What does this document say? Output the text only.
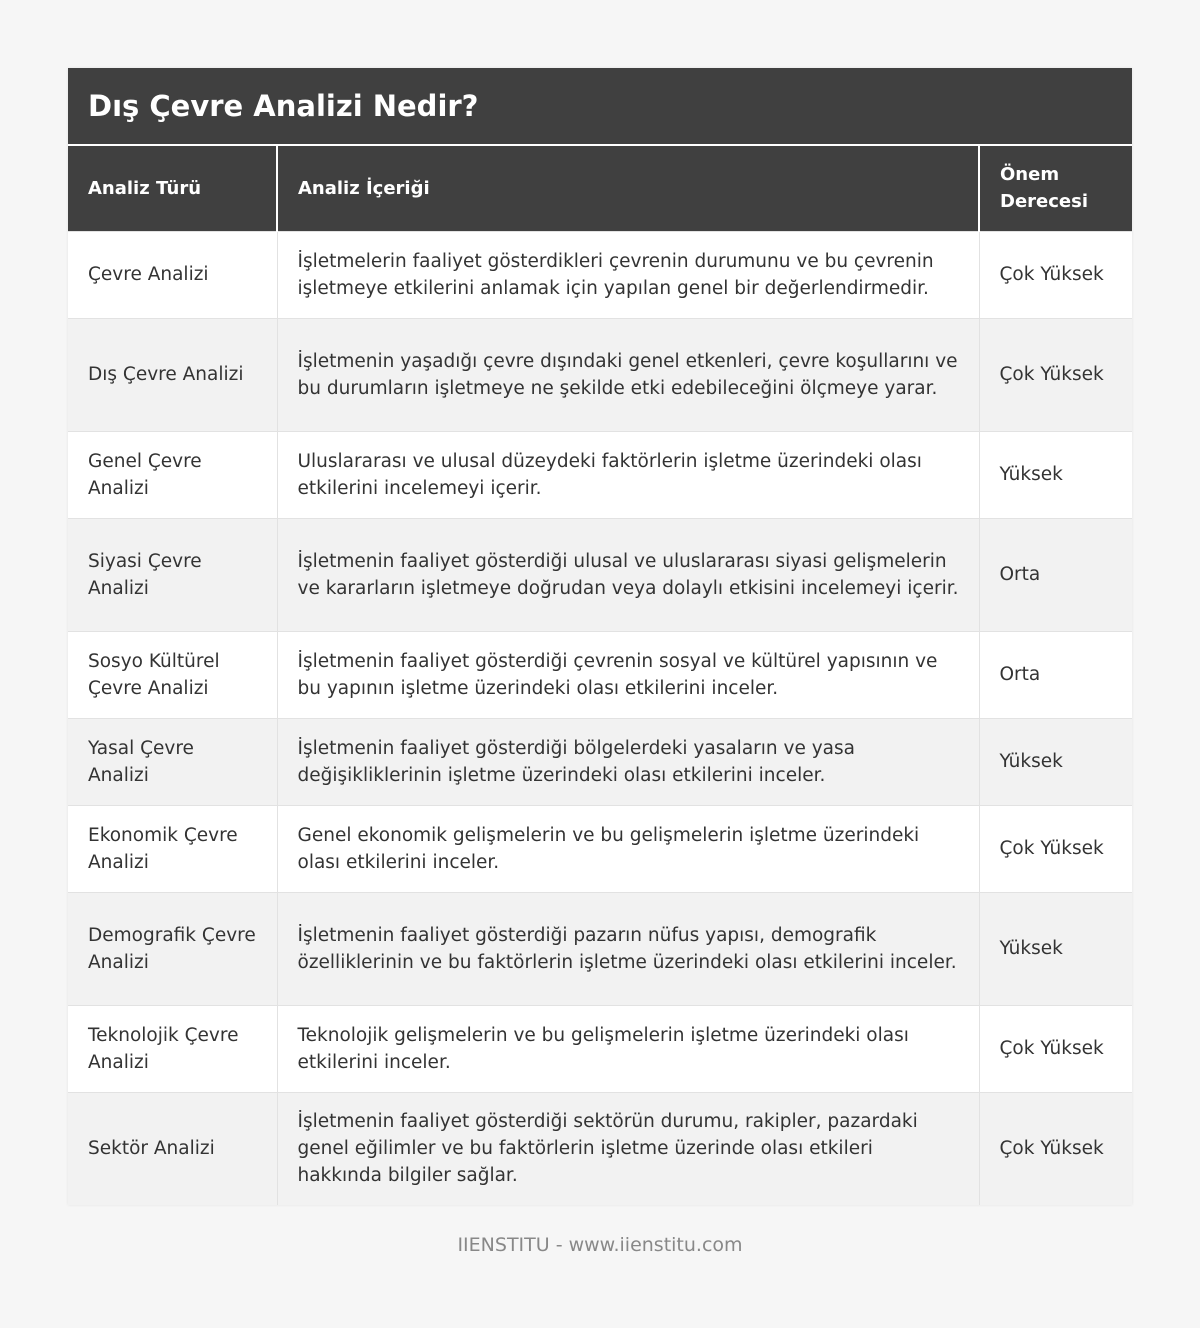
Dış Çevre Analizi Nedir?
Analiz Türü	Analiz İçeriği	Önem Derecesi
Çevre Analizi	İşletmelerin faaliyet gösterdikleri çevrenin durumunu ve bu çevrenin işletmeye etkilerini anlamak için yapılan genel bir değerlendirmedir.	Çok Yüksek
Dış Çevre Analizi	İşletmenin yaşadığı çevre dışındaki genel etkenleri, çevre koşullarını ve bu durumların işletmeye ne şekilde etki edebileceğini ölçmeye yarar.	Çok Yüksek
Genel Çevre Analizi	Uluslararası ve ulusal düzeydeki faktörlerin işletme üzerindeki olası etkilerini incelemeyi içerir.	Yüksek
Siyasi Çevre Analizi	İşletmenin faaliyet gösterdiği ulusal ve uluslararası siyasi gelişmelerin ve kararların işletmeye doğrudan veya dolaylı etkisini incelemeyi içerir.	Orta
Sosyo Kültürel Çevre Analizi	İşletmenin faaliyet gösterdiği çevrenin sosyal ve kültürel yapısının ve bu yapının işletme üzerindeki olası etkilerini inceler.	Orta
Yasal Çevre Analizi	İşletmenin faaliyet gösterdiği bölgelerdeki yasaların ve yasa değişikliklerinin işletme üzerindeki olası etkilerini inceler.	Yüksek
Ekonomik Çevre Analizi	Genel ekonomik gelişmelerin ve bu gelişmelerin işletme üzerindeki olası etkilerini inceler.	Çok Yüksek
Demografik Çevre Analizi	İşletmenin faaliyet gösterdiği pazarın nüfus yapısı, demografik özelliklerinin ve bu faktörlerin işletme üzerindeki olası etkilerini inceler.	Yüksek
Teknolojik Çevre Analizi	Teknolojik gelişmelerin ve bu gelişmelerin işletme üzerindeki olası etkilerini inceler.	Çok Yüksek
Sektör Analizi	İşletmenin faaliyet gösterdiği sektörün durumu, rakipler, pazardaki genel eğilimler ve bu faktörlerin işletme üzerinde olası etkileri hakkında bilgiler sağlar.	Çok Yüksek
IIENSTITU - www.iienstitu.com
